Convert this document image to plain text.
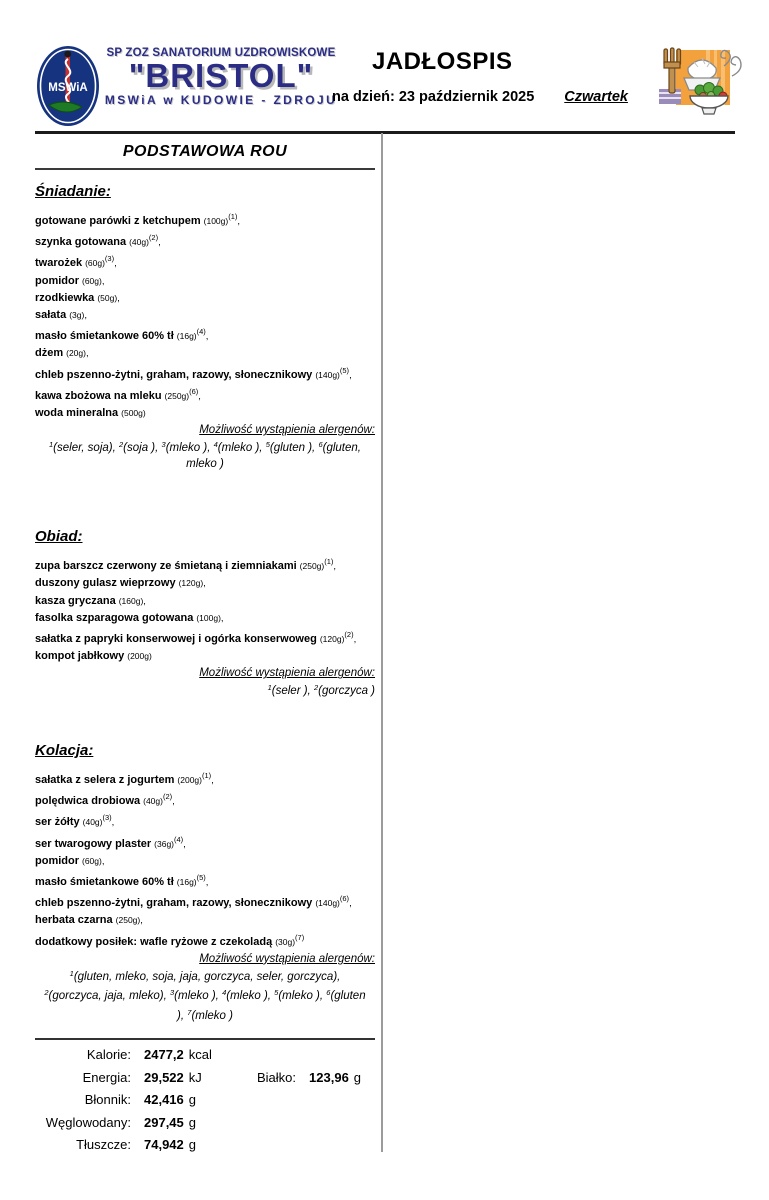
MSWiA
SP ZOZ SANATORIUM UZDROWISKOWE
"BRISTOL"
MSWiA w KUDOWIE - ZDROJU
JADŁOSPIS
na dzień: 23 październik 2025 Czwartek
PODSTAWOWA ROU
Śniadanie:
gotowane parówki z ketchupem $(100g)^{(1)}$,
szynka gotowana $(40g)^{(2)}$,
twarożek $(60g)^{(3)}$,
pomidor (60g),
rzodkiewka (50g),
sałata (3g),
masło śmietankowe 60% tł $(16g)^{(4)}$,
dżem (20g),
chleb pszenno-żytni, graham, razowy, słonecznikowy $(140g)^{(5)}$,
kawa zbożowa na mleku $(250g)^{(6)}$,
woda mineralna (500g)
Możliwość wystąpienia alergenów:
$^1$(seler, soja), $^2$(soja ), $^3$(mleko ), $^4$(mleko ), $^5$(gluten ), $^6$(gluten, mleko )
Obiad:
zupa barszcz czerwony ze śmietaną i ziemniakami $(250g)^{(1)}$,
duszony gulasz wieprzowy (120g),
kasza gryczana (160g),
fasolka szparagowa gotowana (100g),
sałatka z papryki konserwowej i ogórka konserwoweg $(120g)^{(2)}$,
kompot jabłkowy (200g)
Możliwość wystąpienia alergenów:
$^1$(seler ), $^2$(gorczyca )
Kolacja:
sałatka z selera z jogurtem $(200g)^{(1)}$,
polędwica drobiowa $(40g)^{(2)}$,
ser żółty $(40g)^{(3)}$,
ser twarogowy plaster $(36g)^{(4)}$,
pomidor (60g),
masło śmietankowe 60% tł $(16g)^{(5)}$,
chleb pszenno-żytni, graham, razowy, słonecznikowy $(140g)^{(6)}$,
herbata czarna (250g),
dodatkowy posiłek: wafle ryżowe z czekoladą $(30g)^{(7)}$
Możliwość wystąpienia alergenów:
$^1$(gluten, mleko, soja, jaja, gorczyca, seler, gorczyca), $^2$(gorczyca, jaja, mleko), $^3$(mleko ), $^4$(mleko ), $^5$(mleko ), $^6$(gluten ), $^7$(mleko )
Kalorie: 2477,2 kcal
Energia: 29,522 kJ	Białko: 123,96 g
Błonnik: 42,416 g
Węglowodany: 297,45 g
Tłuszcze: 74,942 g
